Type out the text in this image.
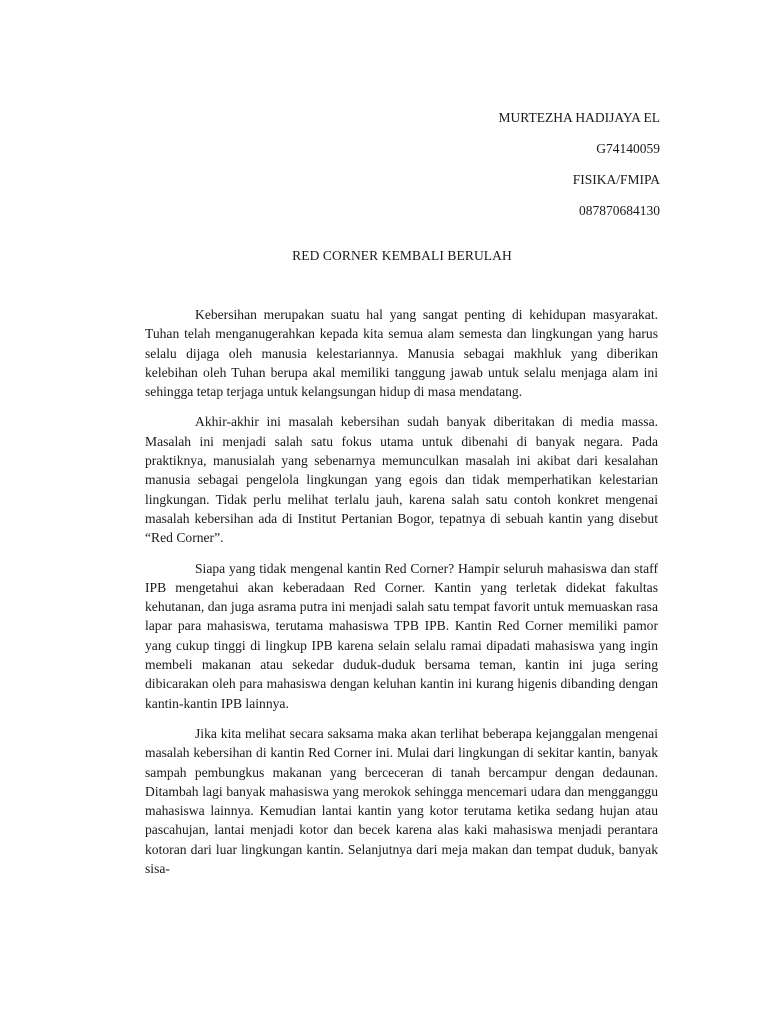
MURTEZHA HADIJAYA EL
G74140059
FISIKA/FMIPA
087870684130
RED CORNER KEMBALI BERULAH

Kebersihan merupakan suatu hal yang sangat penting di kehidupan masyarakat. Tuhan telah menganugerahkan kepada kita semua alam semesta dan lingkungan yang harus selalu dijaga oleh manusia kelestariannya. Manusia sebagai makhluk yang diberikan kelebihan oleh Tuhan berupa akal memiliki tanggung jawab untuk selalu menjaga alam ini sehingga tetap terjaga untuk kelangsungan hidup di masa mendatang.

Akhir-akhir ini masalah kebersihan sudah banyak diberitakan di media massa. Masalah ini menjadi salah satu fokus utama untuk dibenahi di banyak negara. Pada praktiknya, manusialah yang sebenarnya memunculkan masalah ini akibat dari kesalahan manusia sebagai pengelola lingkungan yang egois dan tidak memperhatikan kelestarian lingkungan. Tidak perlu melihat terlalu jauh, karena salah satu contoh konkret mengenai masalah kebersihan ada di Institut Pertanian Bogor, tepatnya di sebuah kantin yang disebut “Red Corner”.

Siapa yang tidak mengenal kantin Red Corner? Hampir seluruh mahasiswa dan staff IPB mengetahui akan keberadaan Red Corner. Kantin yang terletak didekat fakultas kehutanan, dan juga asrama putra ini menjadi salah satu tempat favorit untuk memuaskan rasa lapar para mahasiswa, terutama mahasiswa TPB IPB. Kantin Red Corner memiliki pamor yang cukup tinggi di lingkup IPB karena selain selalu ramai dipadati mahasiswa yang ingin membeli makanan atau sekedar duduk-duduk bersama teman, kantin ini juga sering dibicarakan oleh para mahasiswa dengan keluhan kantin ini kurang higenis dibanding dengan kantin-kantin IPB lainnya.

Jika kita melihat secara saksama maka akan terlihat beberapa kejanggalan mengenai masalah kebersihan di kantin Red Corner ini. Mulai dari lingkungan di sekitar kantin, banyak sampah pembungkus makanan yang berceceran di tanah bercampur dengan dedaunan. Ditambah lagi banyak mahasiswa yang merokok sehingga mencemari udara dan mengganggu mahasiswa lainnya. Kemudian lantai kantin yang kotor terutama ketika sedang hujan atau pascahujan, lantai menjadi kotor dan becek karena alas kaki mahasiswa menjadi perantara kotoran dari luar lingkungan kantin. Selanjutnya dari meja makan dan tempat duduk, banyak sisa-
